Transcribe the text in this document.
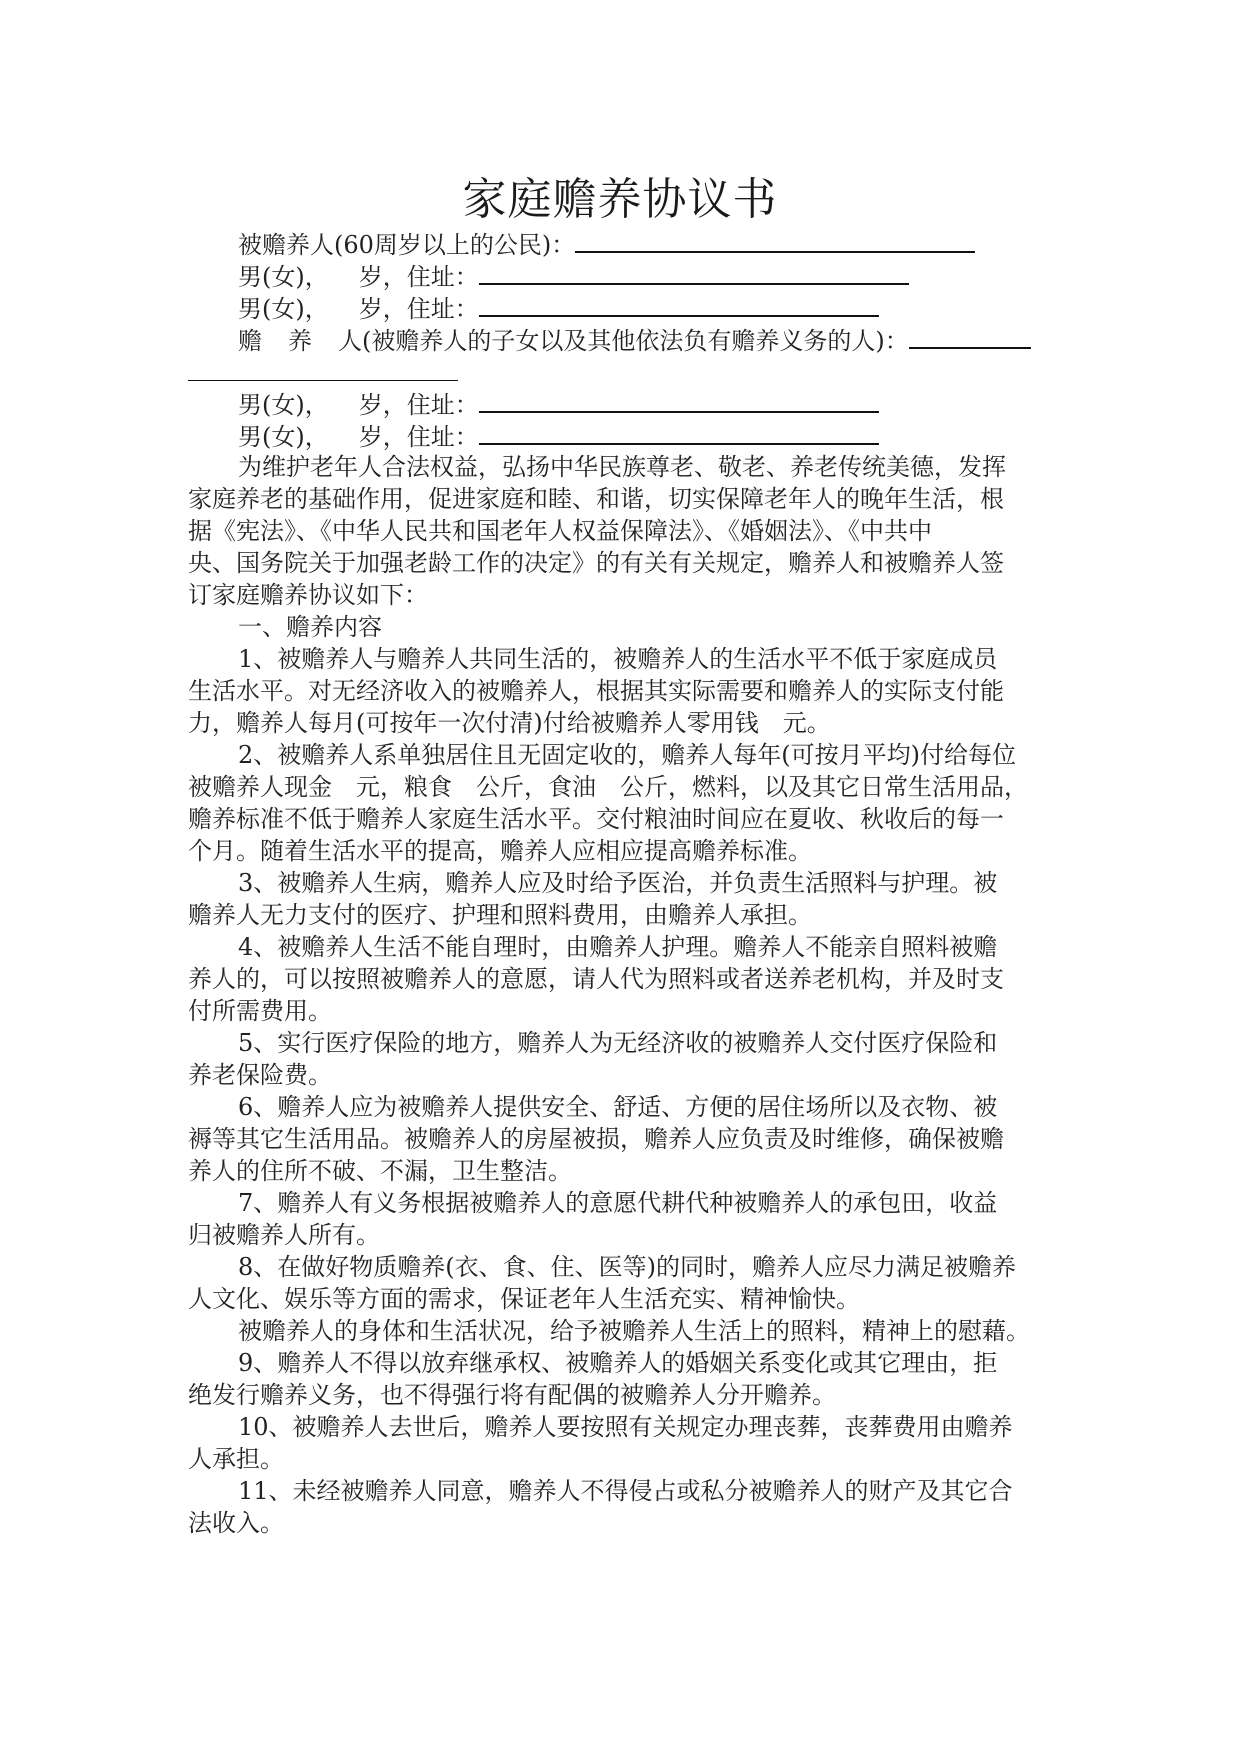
家庭赡养协议书
被赡养人(60周岁以上的公民)：
男(女)， 岁，住址：
男(女)， 岁，住址：
赡 养 人(被赡养人的子女以及其他依法负有赡养义务的人)：
男(女)， 岁，住址：
男(女)， 岁，住址：
为维护老年人合法权益，弘扬中华民族尊老、敬老、养老传统美德，发挥
家庭养老的基础作用，促进家庭和睦、和谐，切实保障老年人的晚年生活，根
据《宪法》、《中华人民共和国老年人权益保障法》、《婚姻法》、《中共中
央、国务院关于加强老龄工作的决定》的有关有关规定，赡养人和被赡养人签
订家庭赡养协议如下：
一、赡养内容
1、被赡养人与赡养人共同生活的，被赡养人的生活水平不低于家庭成员
生活水平。对无经济收入的被赡养人，根据其实际需要和赡养人的实际支付能
力，赡养人每月(可按年一次付清)付给被赡养人零用钱　元。
2、被赡养人系单独居住且无固定收的，赡养人每年(可按月平均)付给每位
被赡养人现金　元，粮食　公斤，食油　公斤，燃料，以及其它日常生活用品，
赡养标准不低于赡养人家庭生活水平。交付粮油时间应在夏收、秋收后的每一
个月。随着生活水平的提高，赡养人应相应提高赡养标准。
3、被赡养人生病，赡养人应及时给予医治，并负责生活照料与护理。被
赡养人无力支付的医疗、护理和照料费用，由赡养人承担。
4、被赡养人生活不能自理时，由赡养人护理。赡养人不能亲自照料被赡
养人的，可以按照被赡养人的意愿，请人代为照料或者送养老机构，并及时支
付所需费用。
5、实行医疗保险的地方，赡养人为无经济收的被赡养人交付医疗保险和
养老保险费。
6、赡养人应为被赡养人提供安全、舒适、方便的居住场所以及衣物、被
褥等其它生活用品。被赡养人的房屋被损，赡养人应负责及时维修，确保被赡
养人的住所不破、不漏，卫生整洁。
7、赡养人有义务根据被赡养人的意愿代耕代种被赡养人的承包田，收益
归被赡养人所有。
8、在做好物质赡养(衣、食、住、医等)的同时，赡养人应尽力满足被赡养
人文化、娱乐等方面的需求，保证老年人生活充实、精神愉快。
被赡养人的身体和生活状况，给予被赡养人生活上的照料，精神上的慰藉。
9、赡养人不得以放弃继承权、被赡养人的婚姻关系变化或其它理由，拒
绝发行赡养义务，也不得强行将有配偶的被赡养人分开赡养。
10、被赡养人去世后，赡养人要按照有关规定办理丧葬，丧葬费用由赡养
人承担。
11、未经被赡养人同意，赡养人不得侵占或私分被赡养人的财产及其它合
法收入。
